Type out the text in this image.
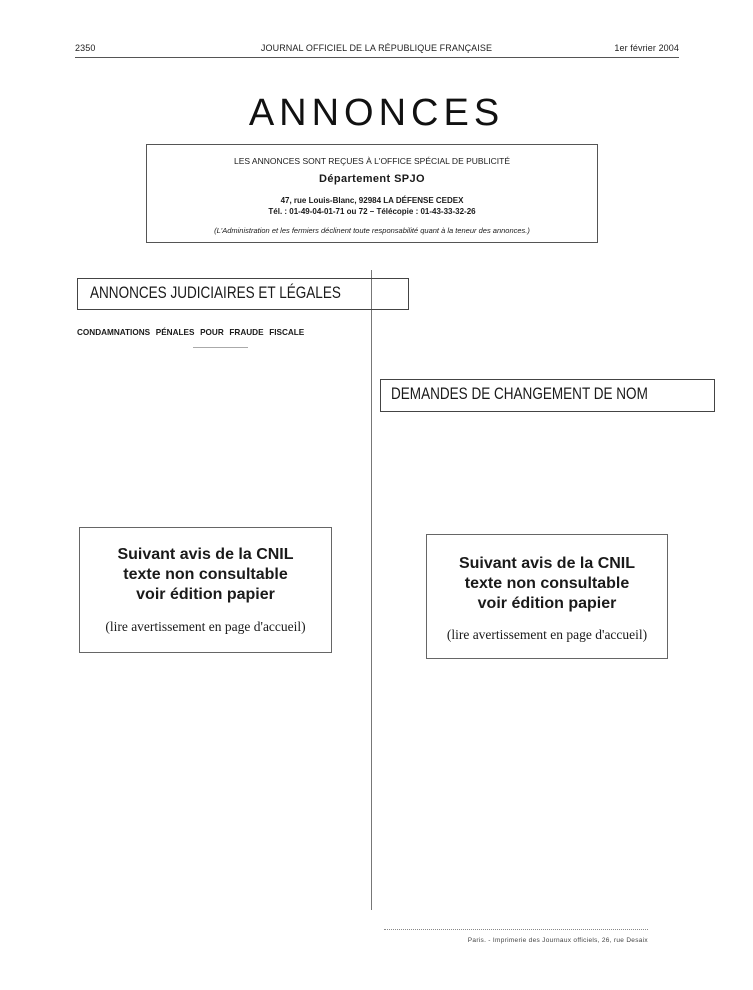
2350	JOURNAL OFFICIEL DE LA RÉPUBLIQUE FRANÇAISE	1er février 2004
ANNONCES
LES ANNONCES SONT REÇUES À L'OFFICE SPÉCIAL DE PUBLICITÉ
Département SPJO
47, rue Louis-Blanc, 92984 LA DÉFENSE CEDEX
Tél. : 01-49-04-01-71 ou 72 – Télécopie : 01-43-33-32-26
(L'Administration et les fermiers déclinent toute responsabilité quant à la teneur des annonces.)
ANNONCES JUDICIAIRES ET LÉGALES
CONDAMNATIONS PÉNALES POUR FRAUDE FISCALE
Suivant avis de la CNIL
texte non consultable
voir édition papier
(lire avertissement en page d'accueil)
DEMANDES DE CHANGEMENT DE NOM
Suivant avis de la CNIL
texte non consultable
voir édition papier
(lire avertissement en page d'accueil)
Paris. - Imprimerie des Journaux officiels, 26, rue Desaix
